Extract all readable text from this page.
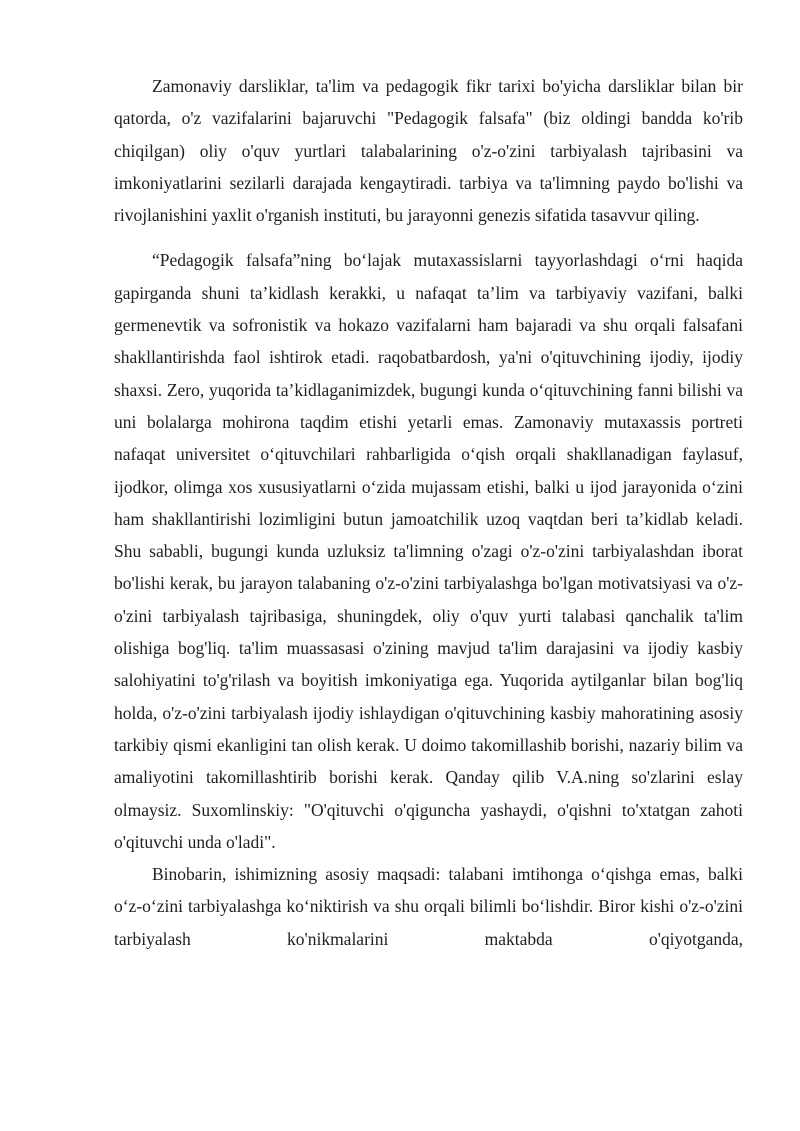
Zamonaviy darsliklar, ta'lim va pedagogik fikr tarixi bo'yicha darsliklar bilan bir qatorda, o'z vazifalarini bajaruvchi "Pedagogik falsafa" (biz oldingi bandda ko'rib chiqilgan) oliy o'quv yurtlari talabalarining o'z-o'zini tarbiyalash tajribasini va imkoniyatlarini sezilarli darajada kengaytiradi. tarbiya va ta'limning paydo bo'lishi va rivojlanishini yaxlit o'rganish instituti, bu jarayonni genezis sifatida tasavvur qiling.

“Pedagogik falsafa”ning boʻlajak mutaxassislarni tayyorlashdagi oʻrni haqida gapirganda shuni taʼkidlash kerakki, u nafaqat taʼlim va tarbiyaviy vazifani, balki germenevtik va sofronistik va hokazo vazifalarni ham bajaradi va shu orqali falsafani shakllantirishda faol ishtirok etadi. raqobatbardosh, ya'ni o'qituvchining ijodiy, ijodiy shaxsi. Zero, yuqorida taʼkidlaganimizdek, bugungi kunda oʻqituvchining fanni bilishi va uni bolalarga mohirona taqdim etishi yetarli emas. Zamonaviy mutaxassis portreti nafaqat universitet oʻqituvchilari rahbarligida oʻqish orqali shakllanadigan faylasuf, ijodkor, olimga xos xususiyatlarni oʻzida mujassam etishi, balki u ijod jarayonida oʻzini ham shakllantirishi lozimligini butun jamoatchilik uzoq vaqtdan beri taʼkidlab keladi. Shu sababli, bugungi kunda uzluksiz ta'limning o'zagi o'z-o'zini tarbiyalashdan iborat bo'lishi kerak, bu jarayon talabaning o'z-o'zini tarbiyalashga bo'lgan motivatsiyasi va o'z-o'zini tarbiyalash tajribasiga, shuningdek, oliy o'quv yurti talabasi qanchalik ta'lim olishiga bog'liq. ta'lim muassasasi o'zining mavjud ta'lim darajasini va ijodiy kasbiy salohiyatini to'g'rilash va boyitish imkoniyatiga ega. Yuqorida aytilganlar bilan bog'liq holda, o'z-o'zini tarbiyalash ijodiy ishlaydigan o'qituvchining kasbiy mahoratining asosiy tarkibiy qismi ekanligini tan olish kerak. U doimo takomillashib borishi, nazariy bilim va amaliyotini takomillashtirib borishi kerak. Qanday qilib V.A.ning so'zlarini eslay olmaysiz. Suxomlinskiy: "O'qituvchi o'qiguncha yashaydi, o'qishni to'xtatgan zahoti o'qituvchi unda o'ladi".

Binobarin, ishimizning asosiy maqsadi: talabani imtihonga oʻqishga emas, balki oʻz-oʻzini tarbiyalashga koʻniktirish va shu orqali bilimli boʻlishdir. Biror kishi o'z-o'zini tarbiyalash ko'nikmalarini maktabda o'qiyotganda,
